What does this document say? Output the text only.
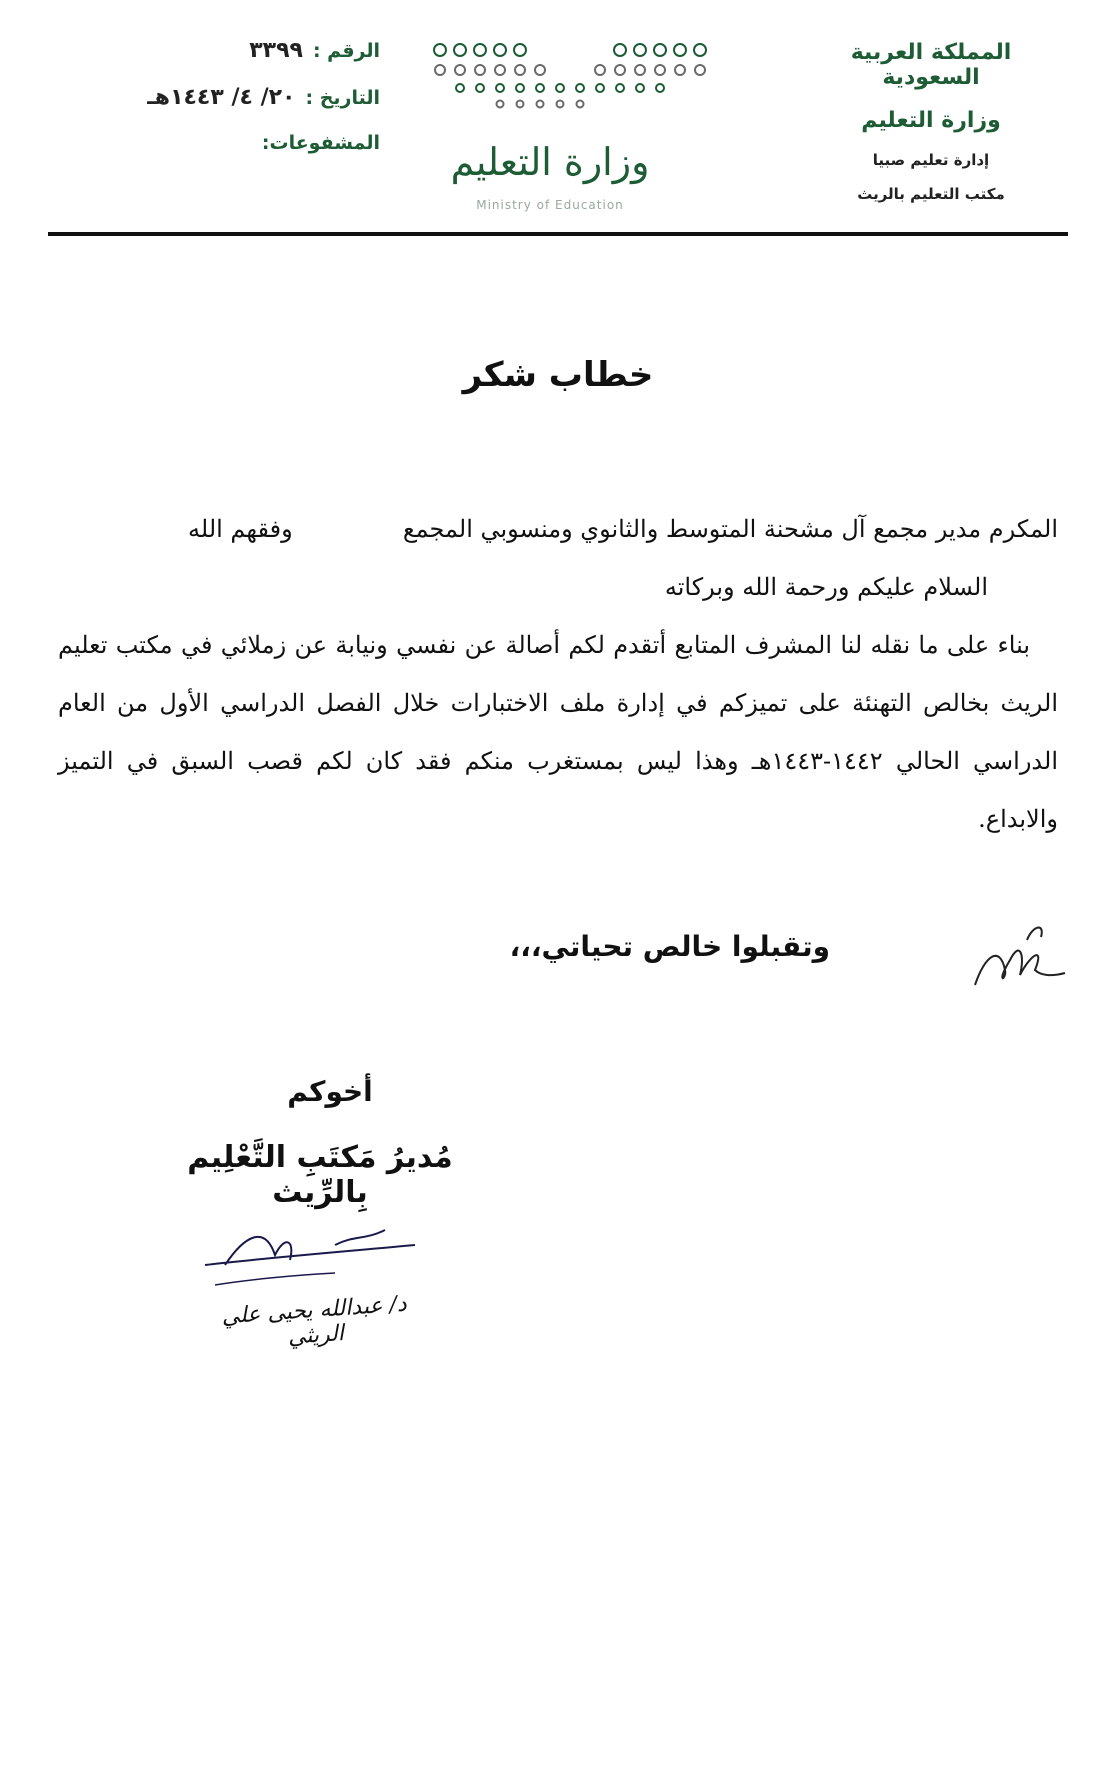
المملكة العربية السعودية
وزارة التعليم
إدارة تعليم صبيا
مكتب التعليم بالريث
وزارة التعليم
Ministry of Education
الرقم :
٣٣٩٩
التاريخ :
٢٠/ ٤/ ١٤٤٣هـ
المشفوعات:
خطاب شكر
المكرم مدير مجمع آل مشحنة المتوسط والثانوي ومنسوبي المجمع
وفقهم الله
السلام عليكم ورحمة الله وبركاته
بناء على ما نقله لنا المشرف المتابع أتقدم لكم أصالة عن نفسي ونيابة عن زملائي في مكتب تعليم الريث بخالص التهنئة على تميزكم في إدارة ملف الاختبارات خلال الفصل الدراسي الأول من العام الدراسي الحالي ١٤٤٢-١٤٤٣هـ وهذا ليس بمستغرب منكم فقد كان لكم قصب السبق في التميز والابداع.
وتقبلوا خالص تحياتي،،،
أخوكم
مُديرُ مَكتَبِ التَّعْلِيم بِالرِّيث
د/ عبدالله يحيى علي الريثي
